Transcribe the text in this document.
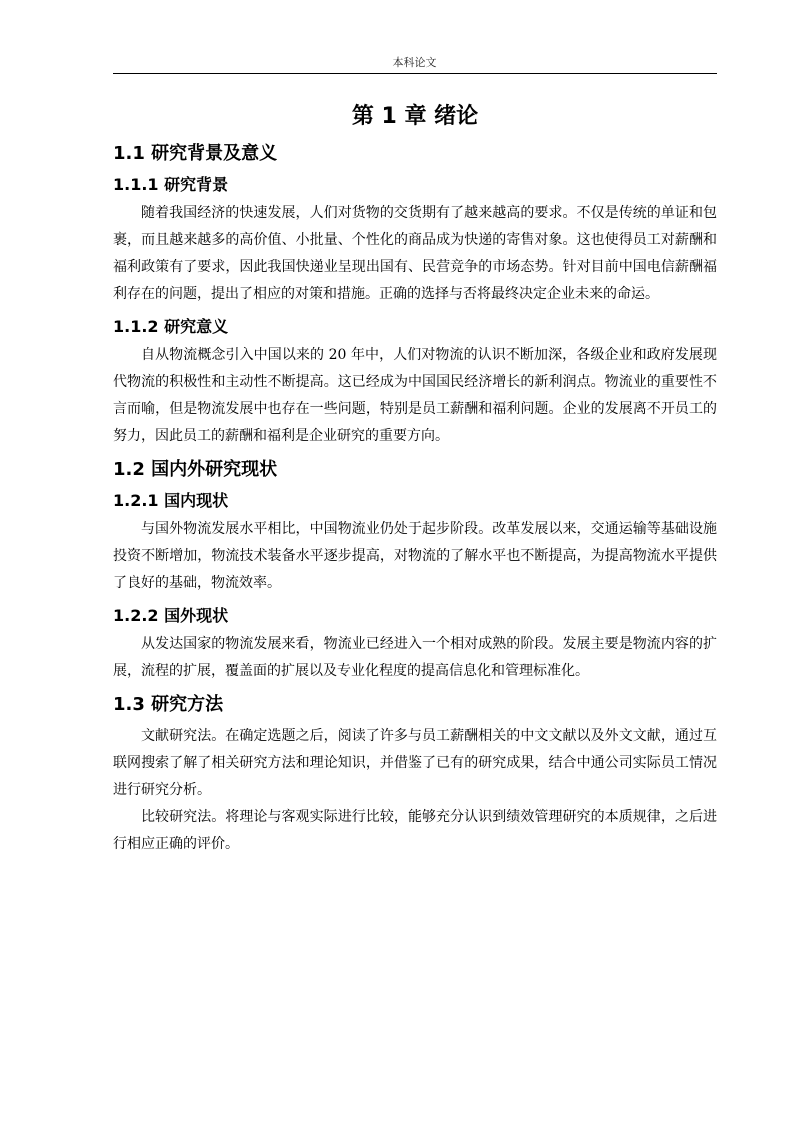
本科论文
第 1 章 绪论
1.1 研究背景及意义
1.1.1 研究背景

随着我国经济的快速发展，人们对货物的交货期有了越来越高的要求。不仅是传统的单证和包裹，而且越来越多的高价值、小批量、个性化的商品成为快递的寄售对象。这也使得员工对薪酬和福利政策有了要求，因此我国快递业呈现出国有、民营竞争的市场态势。针对目前中国电信薪酬福利存在的问题，提出了相应的对策和措施。正确的选择与否将最终决定企业未来的命运。

1.1.2 研究意义

自从物流概念引入中国以来的 20 年中，人们对物流的认识不断加深，各级企业和政府发展现代物流的积极性和主动性不断提高。这已经成为中国国民经济增长的新利润点。物流业的重要性不言而喻，但是物流发展中也存在一些问题，特别是员工薪酬和福利问题。企业的发展离不开员工的努力，因此员工的薪酬和福利是企业研究的重要方向。

1.2 国内外研究现状
1.2.1 国内现状

与国外物流发展水平相比，中国物流业仍处于起步阶段。改革发展以来，交通运输等基础设施投资不断增加，物流技术装备水平逐步提高，对物流的了解水平也不断提高，为提高物流水平提供了良好的基础，物流效率。

1.2.2 国外现状

从发达国家的物流发展来看，物流业已经进入一个相对成熟的阶段。发展主要是物流内容的扩展，流程的扩展，覆盖面的扩展以及专业化程度的提高信息化和管理标准化。

1.3 研究方法

文献研究法。在确定选题之后，阅读了许多与员工薪酬相关的中文文献以及外文文献，通过互联网搜索了解了相关研究方法和理论知识，并借鉴了已有的研究成果，结合中通公司实际员工情况进行研究分析。

比较研究法。将理论与客观实际进行比较，能够充分认识到绩效管理研究的本质规律，之后进行相应正确的评价。
